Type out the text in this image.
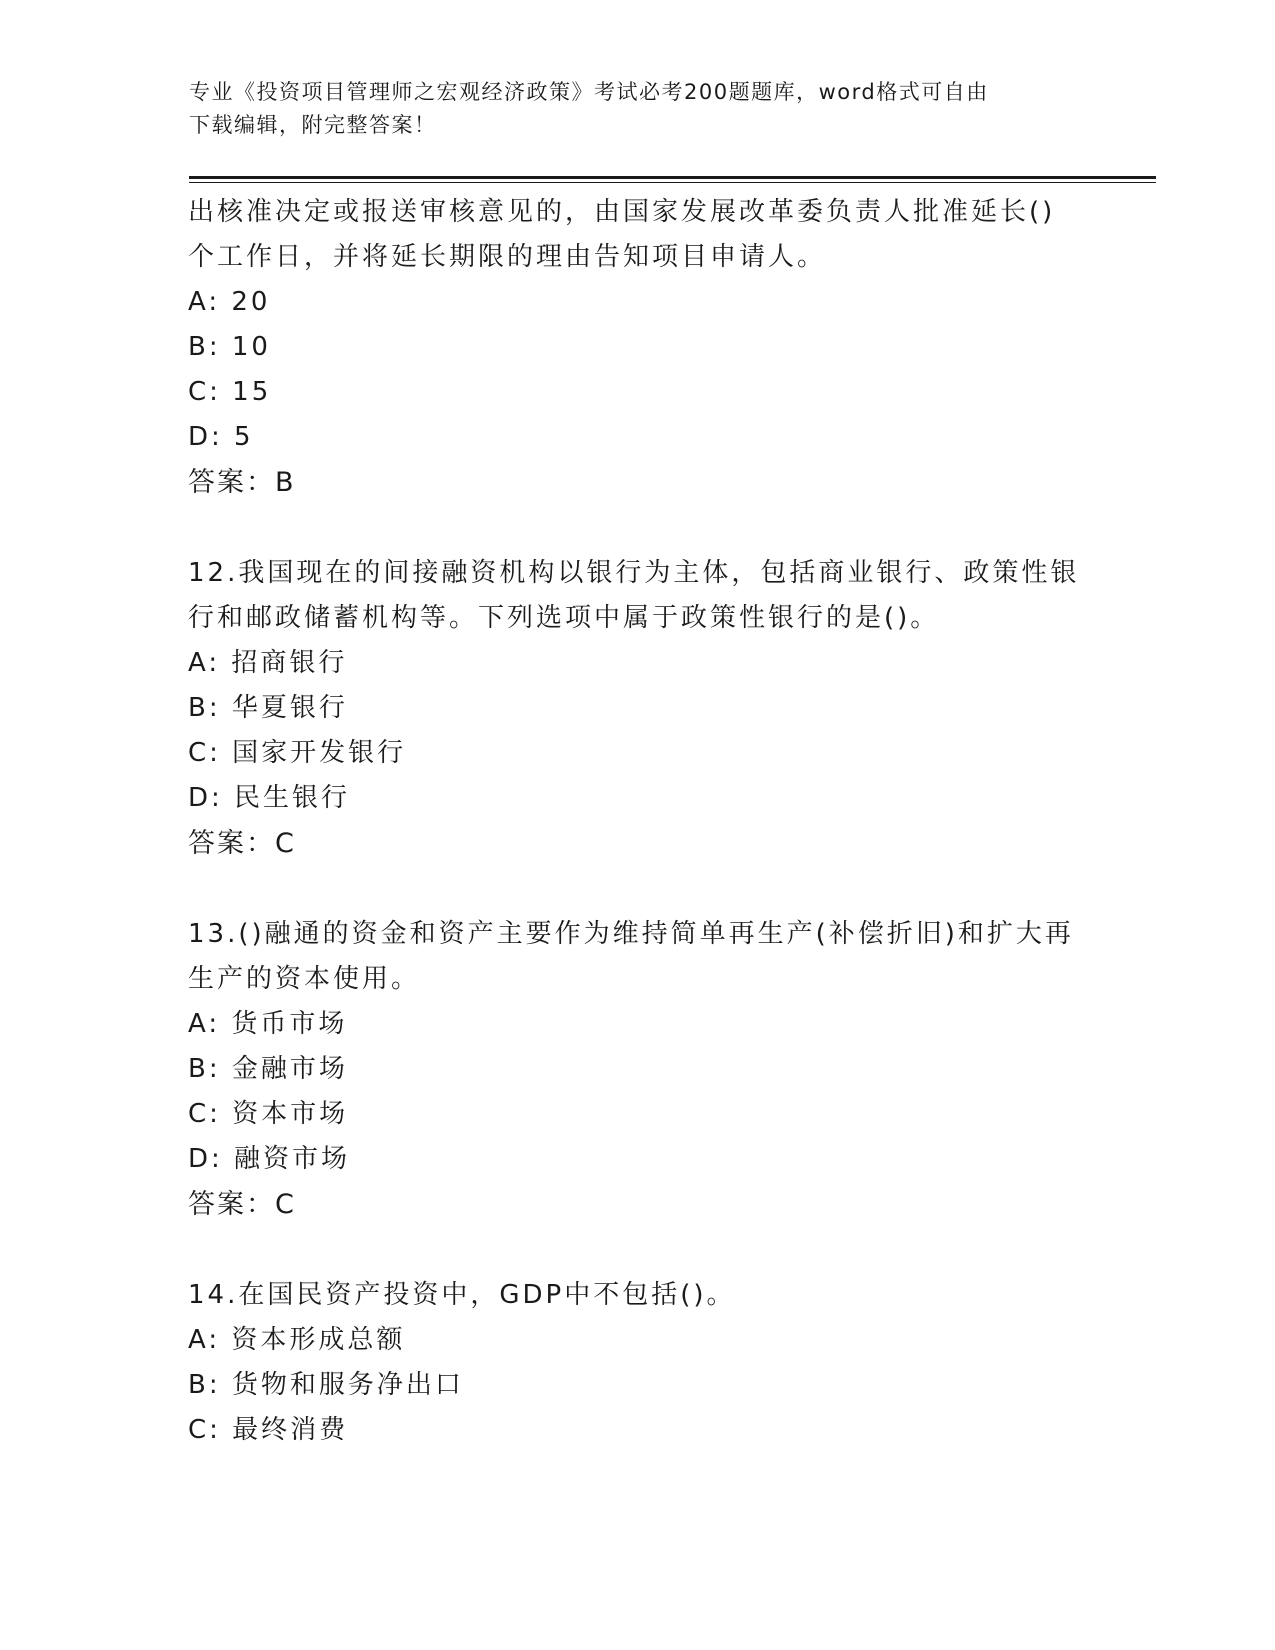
专业《投资项目管理师之宏观经济政策》考试必考200题题库，word格式可自由
下载编辑，附完整答案！

出核准决定或报送审核意见的，由国家发展改革委负责人批准延长()

个工作日，并将延长期限的理由告知项目申请人。

A: 20

B: 10

C: 15

D: 5

答案：B

12.我国现在的间接融资机构以银行为主体，包括商业银行、政策性银

行和邮政储蓄机构等。下列选项中属于政策性银行的是()。

A: 招商银行

B: 华夏银行

C: 国家开发银行

D: 民生银行

答案：C

13.()融通的资金和资产主要作为维持简单再生产(补偿折旧)和扩大再

生产的资本使用。

A: 货币市场

B: 金融市场

C: 资本市场

D: 融资市场

答案：C

14.在国民资产投资中，GDP中不包括()。

A: 资本形成总额

B: 货物和服务净出口

C: 最终消费
